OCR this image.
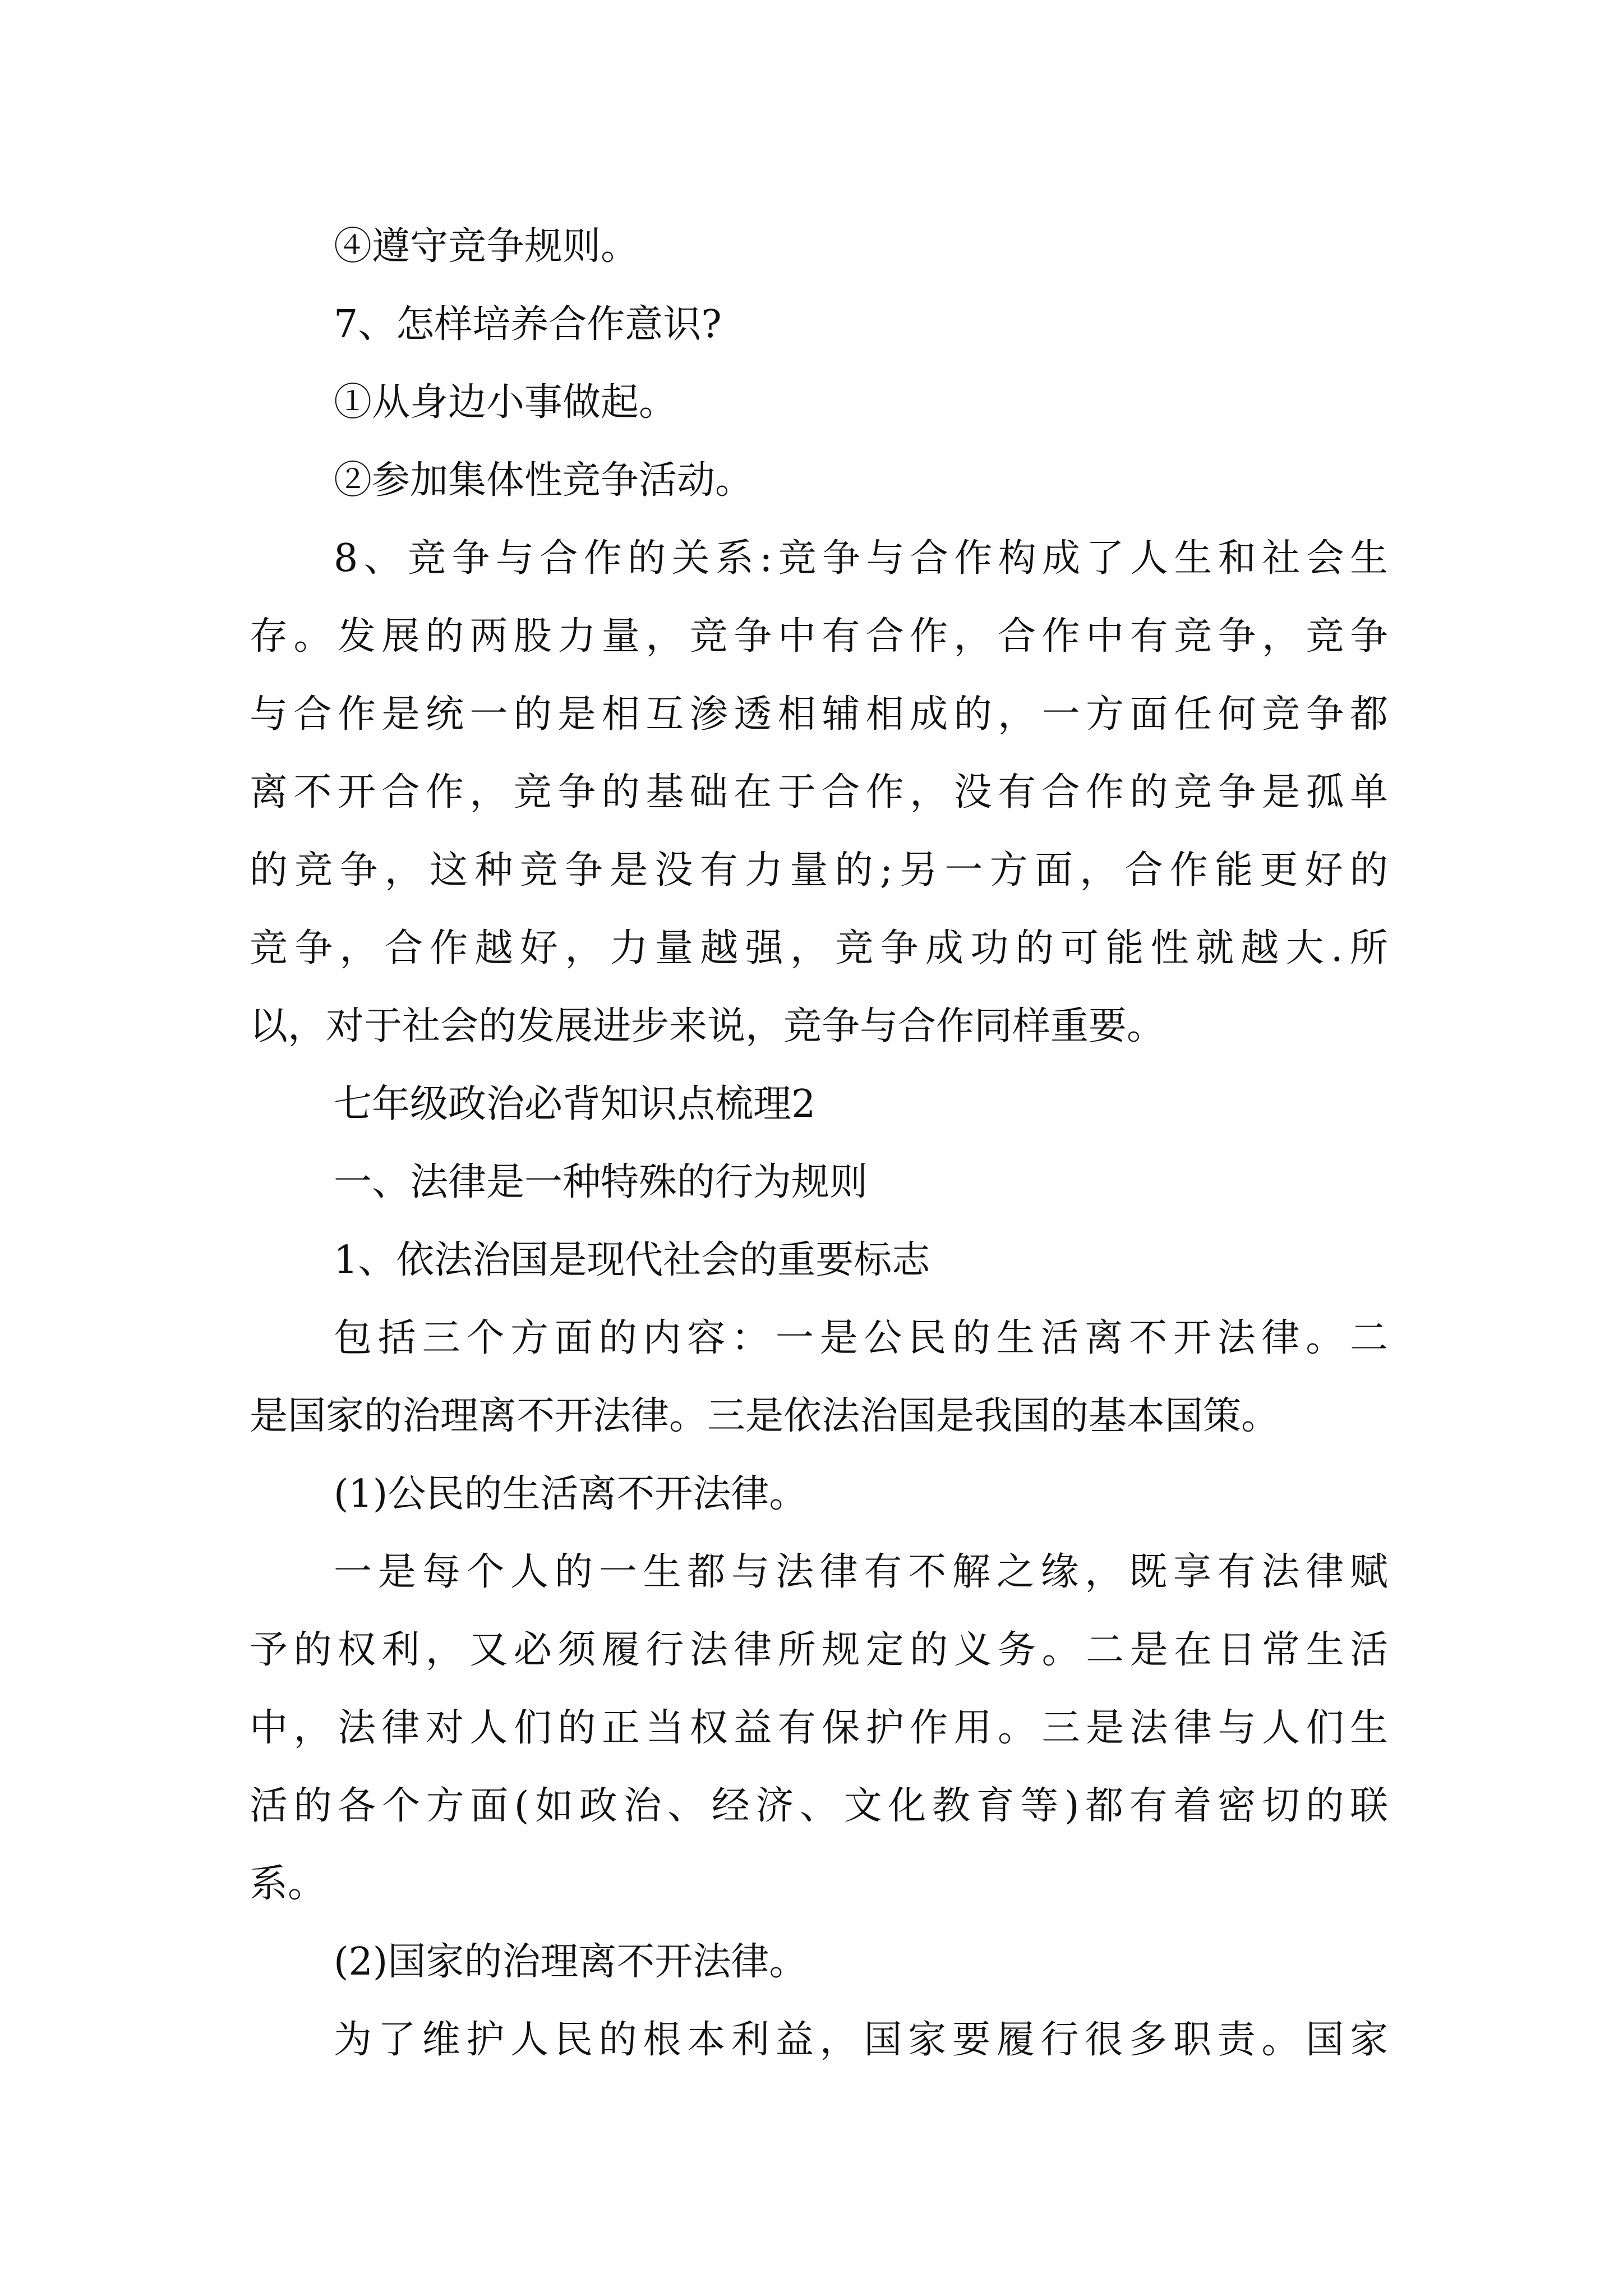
④遵守竞争规则。
7、怎样培养合作意识?
①从身边小事做起。
②参加集体性竞争活动。
8、竞争与合作的关系:竞争与合作构成了人生和社会生
存。发展的两股力量，竞争中有合作，合作中有竞争，竞争
与合作是统一的是相互渗透相辅相成的，一方面任何竞争都
离不开合作，竞争的基础在于合作，没有合作的竞争是孤单
的竞争，这种竞争是没有力量的;另一方面，合作能更好的
竞争，合作越好，力量越强，竞争成功的可能性就越大.所
以，对于社会的发展进步来说，竞争与合作同样重要。
七年级政治必背知识点梳理2
一、法律是一种特殊的行为规则
1、依法治国是现代社会的重要标志
包括三个方面的内容：一是公民的生活离不开法律。二
是国家的治理离不开法律。三是依法治国是我国的基本国策。
(1)公民的生活离不开法律。
一是每个人的一生都与法律有不解之缘，既享有法律赋
予的权利，又必须履行法律所规定的义务。二是在日常生活
中，法律对人们的正当权益有保护作用。三是法律与人们生
活的各个方面(如政治、经济、文化教育等)都有着密切的联
系。
(2)国家的治理离不开法律。
为了维护人民的根本利益，国家要履行很多职责。国家
